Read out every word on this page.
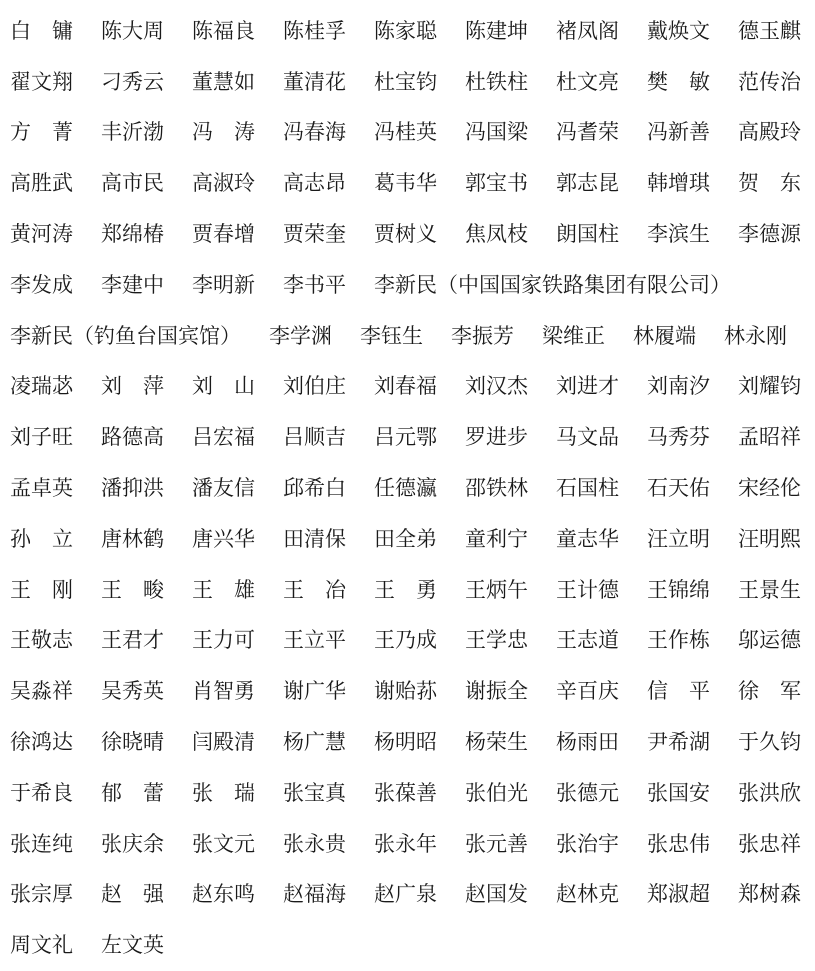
白　镛	陈大周	陈福良	陈桂孚	陈家聪	陈建坤	褚凤阁	戴焕文	德玉麒
翟文翔	刁秀云	董慧如	董清花	杜宝钧	杜铁柱	杜文亮	樊　敏	范传治
方　菁	丰沂渤	冯　涛	冯春海	冯桂英	冯国梁	冯耆荣	冯新善	高殿玲
高胜武	高市民	高淑玲	高志昂	葛韦华	郭宝书	郭志昆	韩增琪	贺　东
黄河涛	郑绵椿	贾春增	贾荣奎	贾树义	焦凤枝	朗国柱	李滨生	李德源
李发成	李建中	李明新	李书平	李新民（中国国家铁路集团有限公司）
李新民（钓鱼台国宾馆）	李学渊	李钰生	李振芳	梁维正	林履端	林永刚
凌瑞苾	刘　萍	刘　山	刘伯庄	刘春福	刘汉杰	刘进才	刘南汐	刘耀钧
刘子旺	路德高	吕宏福	吕顺吉	吕元鄂	罗进步	马文品	马秀芬	孟昭祥
孟卓英	潘抑洪	潘友信	邱希白	任德瀛	邵铁林	石国柱	石天佑	宋经伦
孙　立	唐林鹤	唐兴华	田清保	田全弟	童利宁	童志华	汪立明	汪明熙
王　刚	王　畯	王　雄	王　冶	王　勇	王炳午	王计德	王锦绵	王景生
王敬志	王君才	王力可	王立平	王乃成	王学忠	王志道	王作栋	邬运德
吴淼祥	吴秀英	肖智勇	谢广华	谢贻荪	谢振全	辛百庆	信　平	徐　军
徐鸿达	徐晓晴	闫殿清	杨广慧	杨明昭	杨荣生	杨雨田	尹希湖	于久钧
于希良	郁　蕾	张　瑞	张宝真	张葆善	张伯光	张德元	张国安	张洪欣
张连纯	张庆余	张文元	张永贵	张永年	张元善	张治宇	张忠伟	张忠祥
张宗厚	赵　强	赵东鸣	赵福海	赵广泉	赵国发	赵林克	郑淑超	郑树森
周文礼	左文英
